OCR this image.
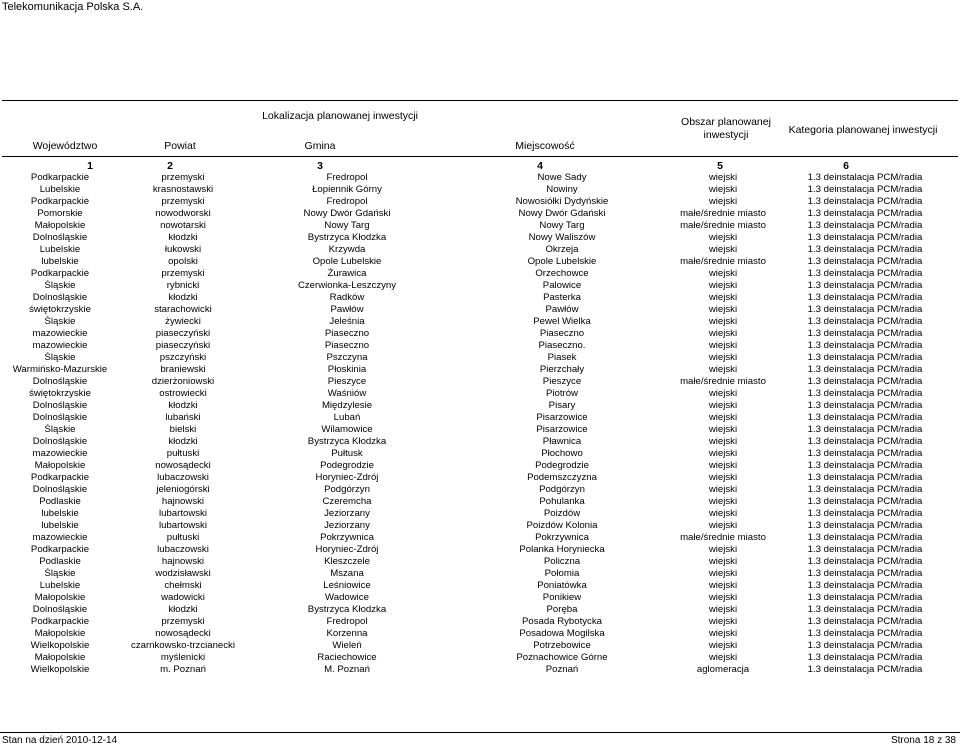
Telekomunikacja Polska S.A.
Inwestycje na etapie planowania
w ramach realizacji Deklaracji Inwestycyjnej Telekomunikacji Polskiej
dotyczącej Porozumienia z UKE z dn. 22 października 2009
Lokalizacja planowanej inwestycji
Województwo	Powiat	Gmina	Miejscowość
Obszar planowanej inwestycji	Kategoria planowanej inwestycji
1	2	3	4	5	6
Podkarpackie	przemyski	Fredropol	Nowe Sady	wiejski	1.3 deinstalacja PCM/radia
Lubelskie	krasnostawski	Łopiennik Górny	Nowiny	wiejski	1.3 deinstalacja PCM/radia
Podkarpackie	przemyski	Fredropol	Nowosiółki Dydyńskie	wiejski	1.3 deinstalacja PCM/radia
Pomorskie	nowodworski	Nowy Dwór Gdański	Nowy Dwór Gdański	małe/średnie miasto	1.3 deinstalacja PCM/radia
Małopolskie	nowotarski	Nowy Targ	Nowy Targ	małe/średnie miasto	1.3 deinstalacja PCM/radia
Dolnośląskie	kłodzki	Bystrzyca Kłodzka	Nowy Waliszów	wiejski	1.3 deinstalacja PCM/radia
Lubelskie	łukowski	Krzywda	Okrzeja	wiejski	1.3 deinstalacja PCM/radia
lubelskie	opolski	Opole Lubelskie	Opole Lubelskie	małe/średnie miasto	1.3 deinstalacja PCM/radia
Podkarpackie	przemyski	Żurawica	Orzechowce	wiejski	1.3 deinstalacja PCM/radia
Śląskie	rybnicki	Czerwionka-Leszczyny	Palowice	wiejski	1.3 deinstalacja PCM/radia
Dolnośląskie	kłodzki	Radków	Pasterka	wiejski	1.3 deinstalacja PCM/radia
świętokrzyskie	starachowicki	Pawłów	Pawłów	wiejski	1.3 deinstalacja PCM/radia
Śląskie	żywiecki	Jeleśnia	Pewel Wielka	wiejski	1.3 deinstalacja PCM/radia
mazowieckie	piaseczyński	Piaseczno	Piaseczno	wiejski	1.3 deinstalacja PCM/radia
mazowieckie	piaseczyński	Piaseczno	Piaseczno.	wiejski	1.3 deinstalacja PCM/radia
Śląskie	pszczyński	Pszczyna	Piasek	wiejski	1.3 deinstalacja PCM/radia
Warmińsko-Mazurskie	braniewski	Płoskinia	Pierzchały	wiejski	1.3 deinstalacja PCM/radia
Dolnośląskie	dzierżoniowski	Pieszyce	Pieszyce	małe/średnie miasto	1.3 deinstalacja PCM/radia
świętokrzyskie	ostrowiecki	Waśniów	Piotrów	wiejski	1.3 deinstalacja PCM/radia
Dolnośląskie	kłodzki	Międzylesie	Pisary	wiejski	1.3 deinstalacja PCM/radia
Dolnośląskie	lubański	Lubań	Pisarzowice	wiejski	1.3 deinstalacja PCM/radia
Śląskie	bielski	Wilamowice	Pisarzowice	wiejski	1.3 deinstalacja PCM/radia
Dolnośląskie	kłodzki	Bystrzyca Kłodzka	Pławnica	wiejski	1.3 deinstalacja PCM/radia
mazowieckie	pułtuski	Pułtusk	Płochowo	wiejski	1.3 deinstalacja PCM/radia
Małopolskie	nowosądecki	Podegrodzie	Podegrodzie	wiejski	1.3 deinstalacja PCM/radia
Podkarpackie	lubaczowski	Horyniec-Zdrój	Podemszczyzna	wiejski	1.3 deinstalacja PCM/radia
Dolnośląskie	jeleniogórski	Podgórzyn	Podgórzyn	wiejski	1.3 deinstalacja PCM/radia
Podlaskie	hajnowski	Czeremcha	Pohulanka	wiejski	1.3 deinstalacja PCM/radia
lubelskie	lubartowski	Jeziorzany	Poizdów	wiejski	1.3 deinstalacja PCM/radia
lubelskie	lubartowski	Jeziorzany	Poizdów Kolonia	wiejski	1.3 deinstalacja PCM/radia
mazowieckie	pułtuski	Pokrzywnica	Pokrzywnica	małe/średnie miasto	1.3 deinstalacja PCM/radia
Podkarpackie	lubaczowski	Horyniec-Zdrój	Polanka Horyniecka	wiejski	1.3 deinstalacja PCM/radia
Podlaskie	hajnowski	Kleszczele	Policzna	wiejski	1.3 deinstalacja PCM/radia
Śląskie	wodzisławski	Mszana	Połomia	wiejski	1.3 deinstalacja PCM/radia
Lubelskie	chełmski	Leśniowice	Poniatówka	wiejski	1.3 deinstalacja PCM/radia
Małopolskie	wadowicki	Wadowice	Ponikiew	wiejski	1.3 deinstalacja PCM/radia
Dolnośląskie	kłodzki	Bystrzyca Kłodzka	Poręba	wiejski	1.3 deinstalacja PCM/radia
Podkarpackie	przemyski	Fredropol	Posada Rybotycka	wiejski	1.3 deinstalacja PCM/radia
Małopolskie	nowosądecki	Korzenna	Posadowa Mogilska	wiejski	1.3 deinstalacja PCM/radia
Wielkopolskie	czarnkowsko-trzcianecki	Wieleń	Potrzebowice	wiejski	1.3 deinstalacja PCM/radia
Małopolskie	myślenicki	Raciechowice	Poznachowice Górne	wiejski	1.3 deinstalacja PCM/radia
Wielkopolskie	m. Poznań	M. Poznań	Poznań	aglomeracja	1.3 deinstalacja PCM/radia
Stan na dzień 2010-12-14	Strona 18 z 38
